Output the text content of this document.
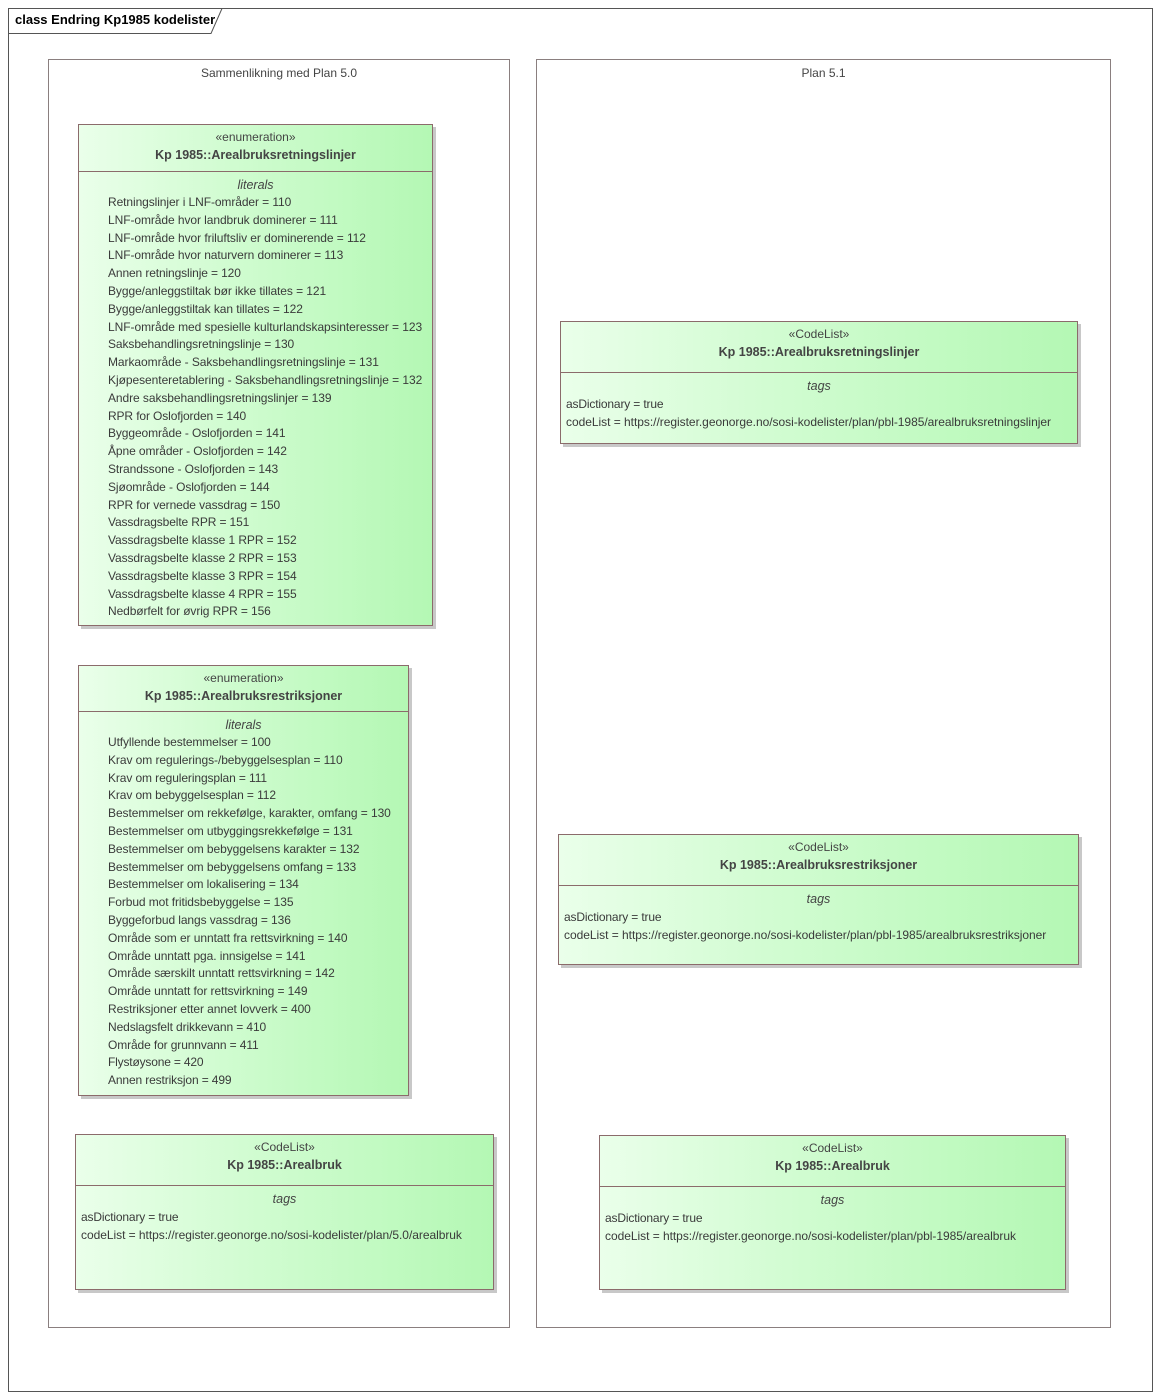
class Endring Kp1985 kodelister
Sammenlikning med Plan 5.0	Plan 5.1
«enumeration»
Kp 1985::Arealbruksretningslinjer
literals
Retningslinjer i LNF-områder = 110
LNF-område hvor landbruk dominerer = 111
LNF-område hvor friluftsliv er dominerende = 112
LNF-område hvor naturvern dominerer = 113
Annen retningslinje = 120
Bygge/anleggstiltak bør ikke tillates = 121
Bygge/anleggstiltak kan tillates = 122
LNF-område med spesielle kulturlandskapsinteresser = 123
Saksbehandlingsretningslinje = 130
Markaområde - Saksbehandlingsretningslinje = 131
Kjøpesenteretablering - Saksbehandlingsretningslinje = 132
Andre saksbehandlingsretningslinjer = 139
RPR for Oslofjorden = 140
Byggeområde - Oslofjorden = 141
Åpne områder - Oslofjorden = 142
Strandssone - Oslofjorden = 143
Sjøområde - Oslofjorden = 144
RPR for vernede vassdrag = 150
Vassdragsbelte RPR = 151
Vassdragsbelte klasse 1 RPR = 152
Vassdragsbelte klasse 2 RPR = 153
Vassdragsbelte klasse 3 RPR = 154
Vassdragsbelte klasse 4 RPR = 155
Nedbørfelt for øvrig RPR = 156
«enumeration»
Kp 1985::Arealbruksrestriksjoner
literals
Utfyllende bestemmelser = 100
Krav om regulerings-/bebyggelsesplan = 110
Krav om reguleringsplan = 111
Krav om bebyggelsesplan = 112
Bestemmelser om rekkefølge, karakter, omfang = 130
Bestemmelser om utbyggingsrekkefølge = 131
Bestemmelser om bebyggelsens karakter = 132
Bestemmelser om bebyggelsens omfang = 133
Bestemmelser om lokalisering = 134
Forbud mot fritidsbebyggelse = 135
Byggeforbud langs vassdrag = 136
Område som er unntatt fra rettsvirkning = 140
Område unntatt pga. innsigelse = 141
Område særskilt unntatt rettsvirkning = 142
Område unntatt for rettsvirkning = 149
Restriksjoner etter annet lovverk = 400
Nedslagsfelt drikkevann = 410
Område for grunnvann = 411
Flystøysone = 420
Annen restriksjon = 499
«CodeList»
Kp 1985::Arealbruk
tags
asDictionary = true
codeList = https://register.geonorge.no/sosi-kodelister/plan/5.0/arealbruk
«CodeList»
Kp 1985::Arealbruksretningslinjer
tags
asDictionary = true
codeList = https://register.geonorge.no/sosi-kodelister/plan/pbl-1985/arealbruksretningslinjer
«CodeList»
Kp 1985::Arealbruksrestriksjoner
tags
asDictionary = true
codeList = https://register.geonorge.no/sosi-kodelister/plan/pbl-1985/arealbruksrestriksjoner
«CodeList»
Kp 1985::Arealbruk
tags
asDictionary = true
codeList = https://register.geonorge.no/sosi-kodelister/plan/pbl-1985/arealbruk
